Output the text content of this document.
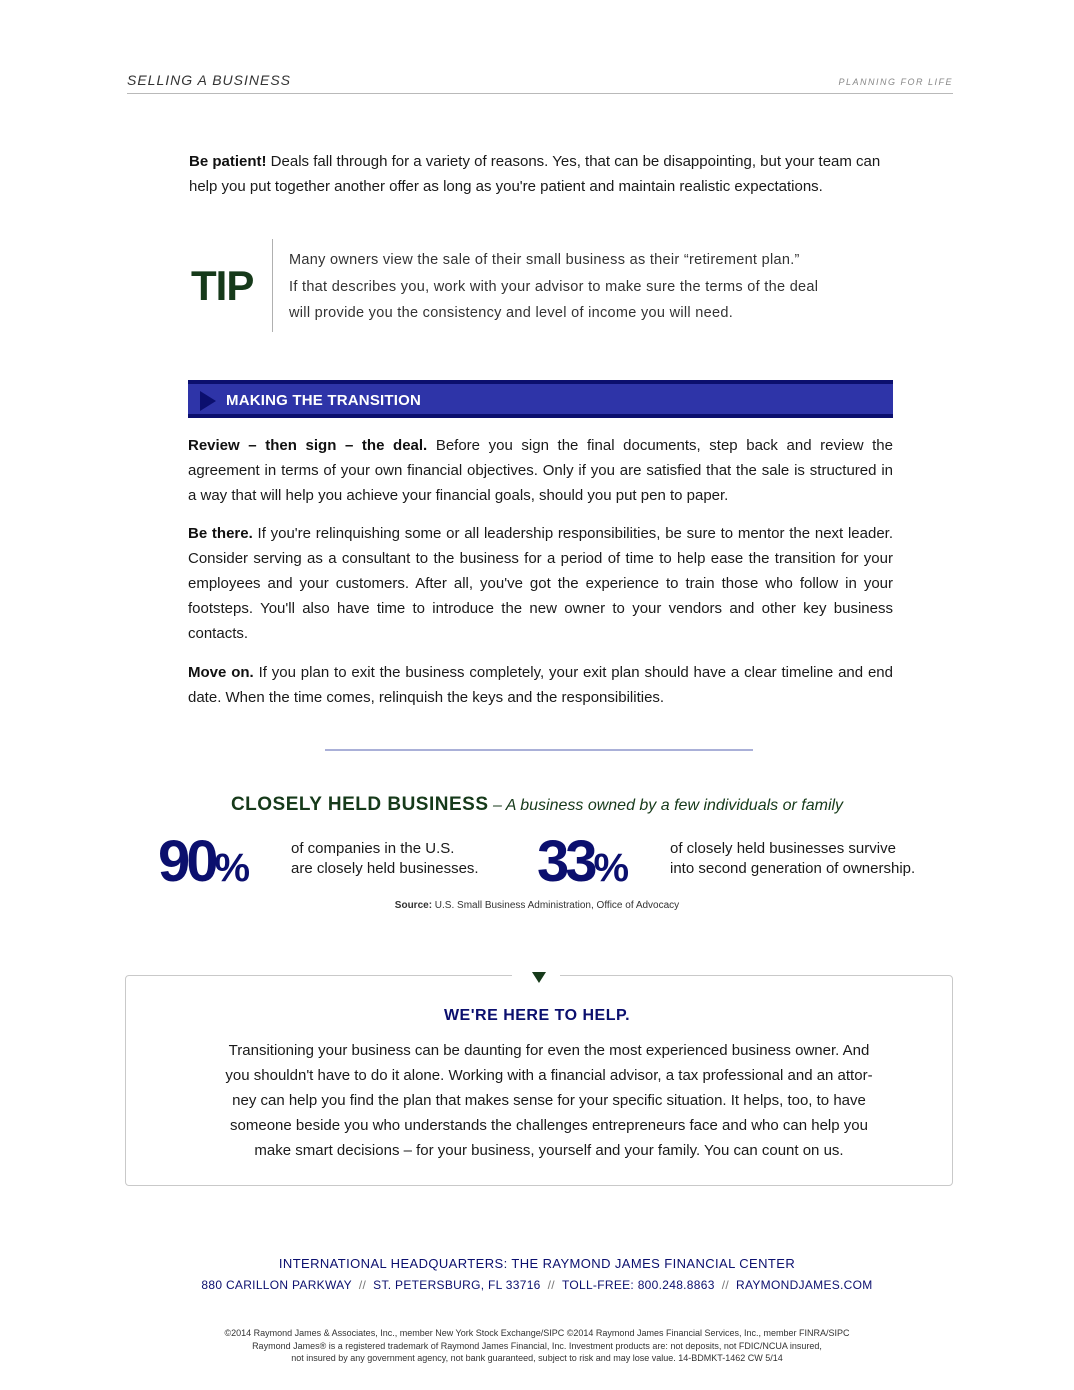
SELLING A BUSINESS	PLANNING FOR LIFE

Be patient! Deals fall through for a variety of reasons. Yes, that can be disappointing, but your team can help you put together another offer as long as you're patient and maintain realistic expectations.

TIP
Many owners view the sale of their small business as their “retirement plan.”
If that describes you, work with your advisor to make sure the terms of the deal
will provide you the consistency and level of income you will need.
MAKING THE TRANSITION

Review – then sign – the deal. Before you sign the final documents, step back and review the agreement in terms of your own financial objectives. Only if you are satisfied that the sale is structured in a way that will help you achieve your financial goals, should you put pen to paper.

Be there. If you're relinquishing some or all leadership responsibilities, be sure to mentor the next leader. Consider serving as a consultant to the business for a period of time to help ease the transition for your employees and your customers. After all, you've got the experience to train those who follow in your footsteps. You'll also have time to introduce the new owner to your vendors and other key business contacts.

Move on. If you plan to exit the business completely, your exit plan should have a clear timeline and end date. When the time comes, relinquish the keys and the responsibilities.

CLOSELY HELD BUSINESS – A business owned by a few individuals or family
90%	of companies in the U.S.
are closely held businesses.	33%	of closely held businesses survive
into second generation of ownership.
Source: U.S. Small Business Administration, Office of Advocacy
WE'RE HERE TO HELP.
Transitioning your business can be daunting for even the most experienced business owner. And
you shouldn't have to do it alone. Working with a financial advisor, a tax professional and an attor-
ney can help you find the plan that makes sense for your specific situation. It helps, too, to have
someone beside you who understands the challenges entrepreneurs face and who can help you
make smart decisions – for your business, yourself and your family. You can count on us.
INTERNATIONAL HEADQUARTERS: THE RAYMOND JAMES FINANCIAL CENTER
880 CARILLON PARKWAY // ST. PETERSBURG, FL 33716 // TOLL-FREE: 800.248.8863 // RAYMONDJAMES.COM
©2014 Raymond James & Associates, Inc., member New York Stock Exchange/SIPC ©2014 Raymond James Financial Services, Inc., member FINRA/SIPC
Raymond James® is a registered trademark of Raymond James Financial, Inc. Investment products are: not deposits, not FDIC/NCUA insured,
not insured by any government agency, not bank guaranteed, subject to risk and may lose value. 14-BDMKT-1462 CW 5/14
